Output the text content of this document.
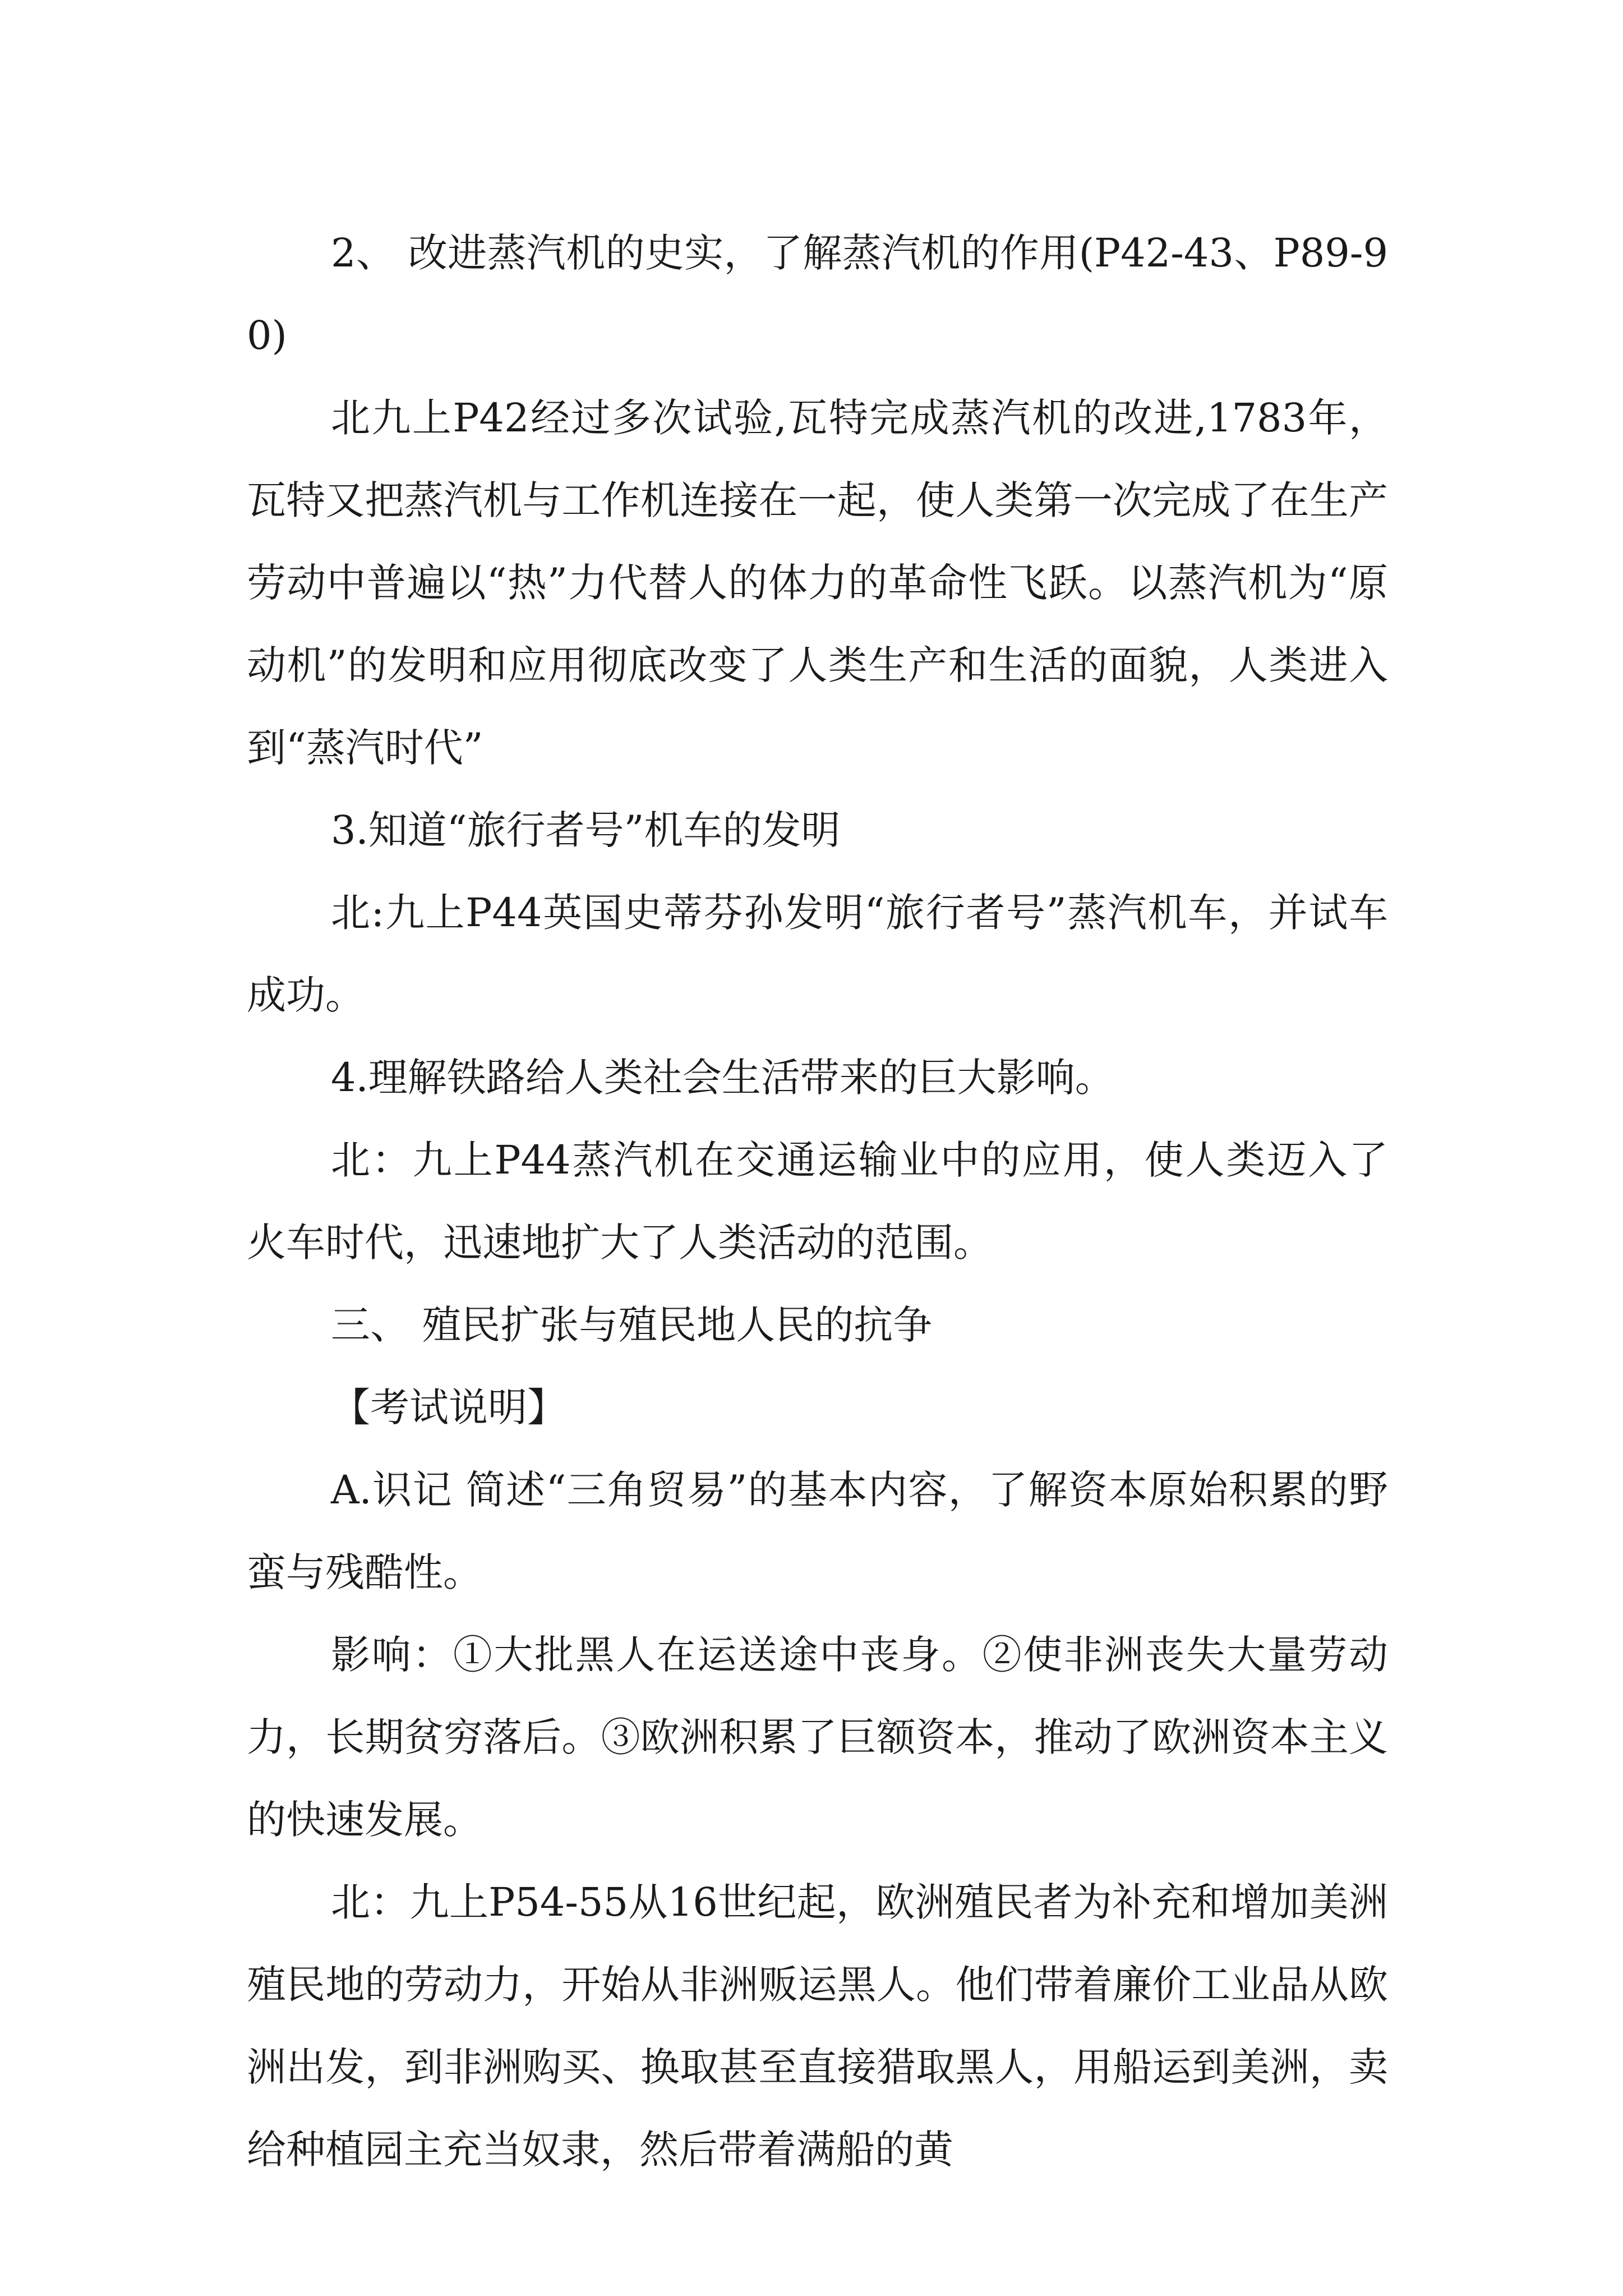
2、 改进蒸汽机的史实，了解蒸汽机的作用(P42-43、P89-90)

北九上P42经过多次试验,瓦特完成蒸汽机的改进,1783年，瓦特又把蒸汽机与工作机连接在一起，使人类第一次完成了在生产劳动中普遍以“热”力代替人的体力的革命性飞跃。以蒸汽机为“原动机”的发明和应用彻底改变了人类生产和生活的面貌，人类进入到“蒸汽时代”

3.知道“旅行者号”机车的发明

北:九上P44英国史蒂芬孙发明“旅行者号”蒸汽机车，并试车成功。

4.理解铁路给人类社会生活带来的巨大影响。

北：九上P44蒸汽机在交通运输业中的应用，使人类迈入了火车时代，迅速地扩大了人类活动的范围。

三、 殖民扩张与殖民地人民的抗争

【考试说明】

A.识记 简述“三角贸易”的基本内容，了解资本原始积累的野蛮与残酷性。

影响：①大批黑人在运送途中丧身。②使非洲丧失大量劳动力，长期贫穷落后。③欧洲积累了巨额资本，推动了欧洲资本主义的快速发展。

北：九上P54-55从16世纪起，欧洲殖民者为补充和增加美洲殖民地的劳动力，开始从非洲贩运黑人。他们带着廉价工业品从欧洲出发，到非洲购买、换取甚至直接猎取黑人，用船运到美洲，卖给种植园主充当奴隶，然后带着满船的黄
